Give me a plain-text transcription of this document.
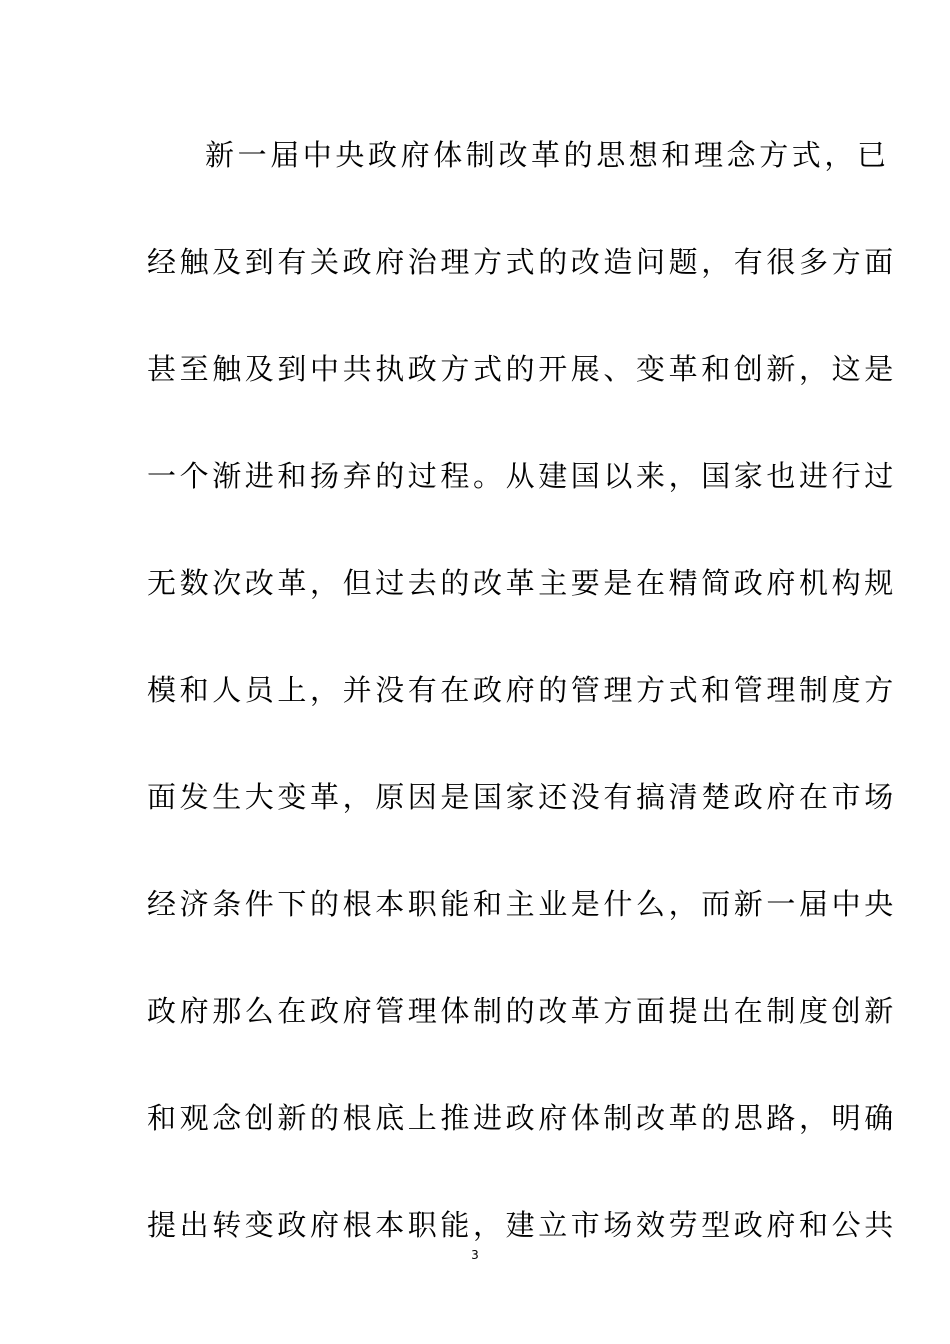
新一届中央政府体制改革的思想和理念方式，已
经触及到有关政府治理方式的改造问题，有很多方面
甚至触及到中共执政方式的开展、变革和创新，这是
一个渐进和扬弃的过程。从建国以来，国家也进行过
无数次改革，但过去的改革主要是在精简政府机构规
模和人员上，并没有在政府的管理方式和管理制度方
面发生大变革，原因是国家还没有搞清楚政府在市场
经济条件下的根本职能和主业是什么，而新一届中央
政府那么在政府管理体制的改革方面提出在制度创新
和观念创新的根底上推进政府体制改革的思路，明确
提出转变政府根本职能，建立市场效劳型政府和公共
3
